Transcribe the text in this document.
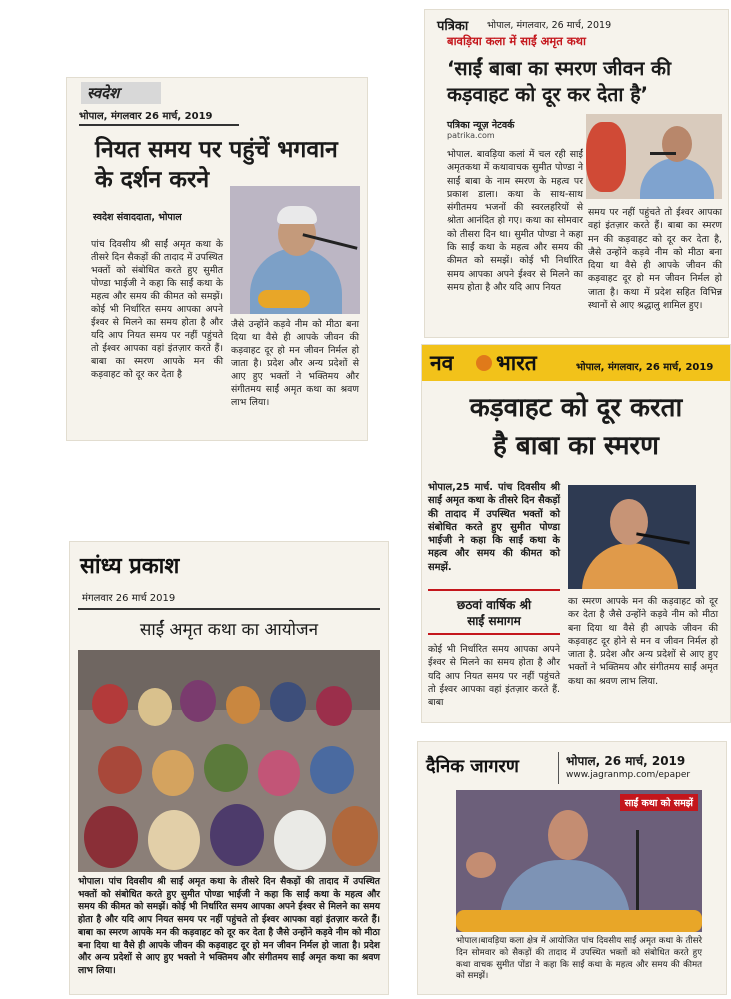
स्वदेश
भोपाल, मंगलवार 26 मार्च, 2019
नियत समय पर पहुंचें भगवान
के दर्शन करने
स्वदेश संवाददाता, भोपाल
पांच दिवसीय श्री साईं अमृत कथा के तीसरे दिन सैकड़ों की तादाद में उपस्थित भक्तों को संबोधित करते हुए सुमीत पोण्डा भाईजी ने कहा कि साईं कथा के महत्व और समय की कीमत को समझें। कोई भी निर्धारित समय आपका अपने ईश्वर से मिलने का समय होता है और यदि आप नियत समय पर नहीं पहुंचते तो ईश्वर आपका वहां इंतज़ार करते हैं। बाबा का स्मरण आपके मन की कड़वाहट को दूर कर देता है
जैसे उन्होंने कड़वे नीम को मीठा बना दिया था वैसे ही आपके जीवन की कड़वाहट दूर हो मन जीवन निर्मल हो जाता है। प्रदेश और अन्य प्रदेशों से आए हुए भक्तों ने भक्तिमय और संगीतमय साईं अमृत कथा का श्रवण लाभ लिया।
पत्रिका भोपाल, मंगलवार, 26 मार्च, 2019
बावड़िया कला में साईं अमृत कथा
‘साईं बाबा का स्मरण जीवन की
कड़वाहट को दूर कर देता है’
पत्रिका न्यूज़ नेटवर्क
patrika.com
भोपाल. बावड़िया कलां में चल रही साईं अमृतकथा में कथावाचक सुमीत पोण्डा ने साईं बाबा के नाम स्मरण के महत्व पर प्रकाश डाला। कथा के साथ-साथ संगीतमय भजनों की स्वरलहरियों से श्रोता आनंदित हो गए। कथा का सोमवार को तीसरा दिन था। सुमीत पोण्डा ने कहा कि साईं कथा के महत्व और समय की कीमत को समझें। कोई भी निर्धारित समय आपका अपने ईश्वर से मिलने का समय होता है और यदि आप नियत
समय पर नहीं पहुंचते तो ईश्वर आपका वहां इंतज़ार करते हैं। बाबा का स्मरण मन की कड़वाहट को दूर कर देता है, जैसे उन्होंने कड़वे नीम को मीठा बना दिया था वैसे ही आपके जीवन की कड़वाहट दूर हो मन जीवन निर्मल हो जाता है। कथा में प्रदेश सहित विभिन्न स्थानों से आए श्रद्धालु शामिल हुए।
नव भारत	भोपाल, मंगलवार, 26 मार्च, 2019
कड़वाहट को दूर करता
है बाबा का स्मरण
भोपाल,25 मार्च. पांच दिवसीय श्री साईं अमृत कथा के तीसरे दिन सैकड़ों की तादाद में उपस्थित भक्तों को संबोधित करते हुए सुमीत पोण्डा भाईजी ने कहा कि साईं कथा के महत्व और समय की कीमत को समझें.
छठवां वार्षिक श्री
साईं समागम
कोई भी निर्धारित समय आपका अपने ईश्वर से मिलने का समय होता है और यदि आप नियत समय पर नहीं पहुंचते तो ईश्वर आपका वहां इंतज़ार करते हैं. बाबा
का स्मरण आपके मन की कड़वाहट को दूर कर देता है जैसे उन्होंने कड़वे नीम को मीठा बना दिया था वैसे ही आपके जीवन की कड़वाहट दूर होने से मन व जीवन निर्मल हो जाता है. प्रदेश और अन्य प्रदेशों से आए हुए भक्तों ने भक्तिमय और संगीतमय साईं अमृत कथा का श्रवण लाभ लिया.
सांध्य प्रकाश
मंगलवार 26 मार्च 2019
साईं अमृत कथा का आयोजन
भोपाल। पांच दिवसीय श्री साईं अमृत कथा के तीसरे दिन सैकड़ों की तादाद में उपस्थित भक्तों को संबोधित करते हुए सुमीत पोण्डा भाईजी ने कहा कि साईं कथा के महत्व और समय की कीमत को समझें। कोई भी निर्धारित समय आपका अपने ईश्वर से मिलने का समय होता है और यदि आप नियत समय पर नहीं पहुंचते तो ईश्वर आपका वहां इंतज़ार करते हैं। बाबा का स्मरण आपके मन की कड़वाहट को दूर कर देता है जैसे उन्होंने कड़वे नीम को मीठा बना दिया था वैसे ही आपके जीवन की कड़वाहट दूर हो मन जीवन निर्मल हो जाता है। प्रदेश और अन्य प्रदेशों से आए हुए भक्तो ने भक्तिमय और संगीतमय साईं अमृत कथा का श्रवण लाभ लिया।
दैनिक जागरण	भोपाल, 26 मार्च, 2019
www.jagranmp.com/epaper
साईं कथा को समझें
भोपाल।बावड़िया कला क्षेत्र में आयोजित पांच दिवसीय साईं अमृत कथा के तीसरे दिन सोमवार को सैकड़ों की तादाद में उपस्थित भक्तों को संबोधित करते हुए कथा वाचक सुमीत पोंडा ने कहा कि साईं कथा के महत्व और समय की कीमत को समझें।
